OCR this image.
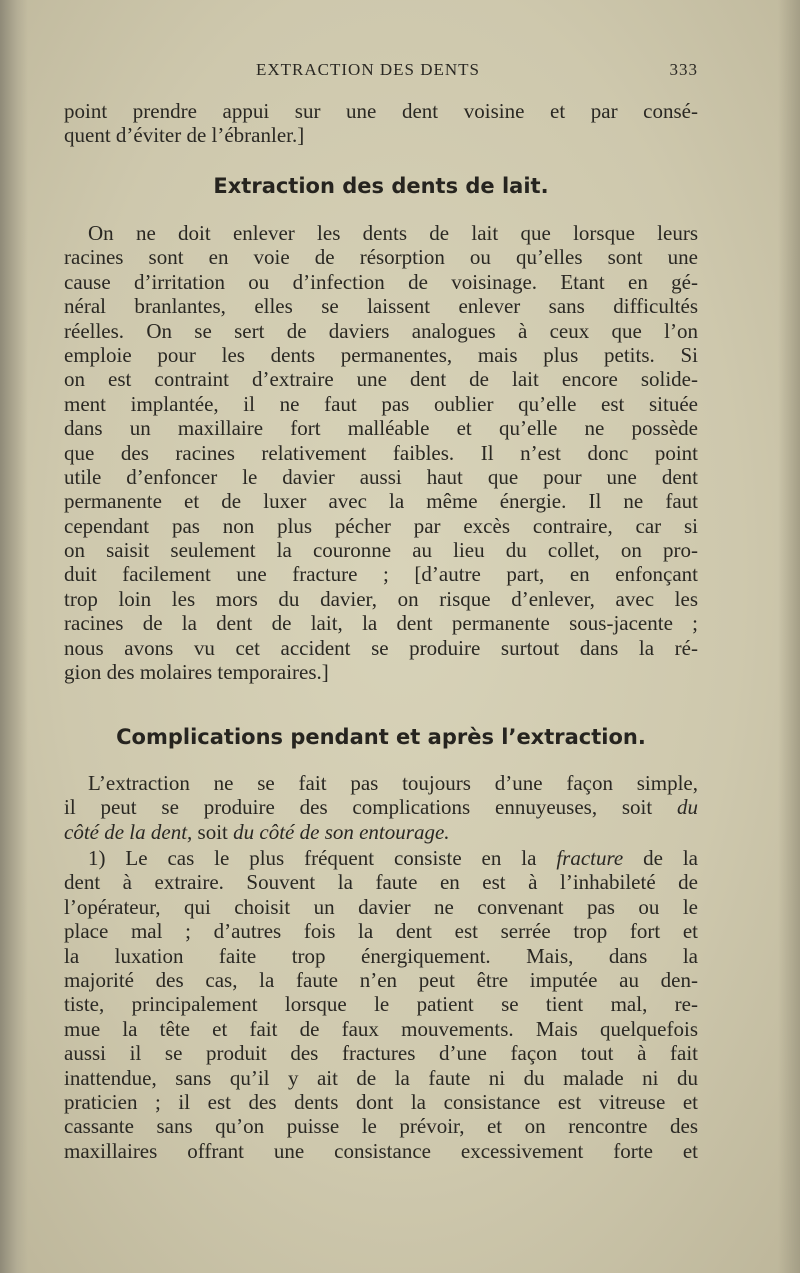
EXTRACTION DES DENTS	333
point prendre appui sur une dent voisine et par consé-
quent d’éviter de l’ébranler.]
Extraction des dents de lait.
On ne doit enlever les dents de lait que lorsque leurs
racines sont en voie de résorption ou qu’elles sont une
cause d’irritation ou d’infection de voisinage. Etant en gé-
néral branlantes, elles se laissent enlever sans difficultés
réelles. On se sert de daviers analogues à ceux que l’on
emploie pour les dents permanentes, mais plus petits. Si
on est contraint d’extraire une dent de lait encore solide-
ment implantée, il ne faut pas oublier qu’elle est située
dans un maxillaire fort malléable et qu’elle ne possède
que des racines relativement faibles. Il n’est donc point
utile d’enfoncer le davier aussi haut que pour une dent
permanente et de luxer avec la même énergie. Il ne faut
cependant pas non plus pécher par excès contraire, car si
on saisit seulement la couronne au lieu du collet, on pro-
duit facilement une fracture ; [d’autre part, en enfonçant
trop loin les mors du davier, on risque d’enlever, avec les
racines de la dent de lait, la dent permanente sous-jacente ;
nous avons vu cet accident se produire surtout dans la ré-
gion des molaires temporaires.]
Complications pendant et après l’extraction.
L’extraction ne se fait pas toujours d’une façon simple,
il peut se produire des complications ennuyeuses, soit du
côté de la dent, soit du côté de son entourage.
1) Le cas le plus fréquent consiste en la fracture de la
dent à extraire. Souvent la faute en est à l’inhabileté de
l’opérateur, qui choisit un davier ne convenant pas ou le
place mal ; d’autres fois la dent est serrée trop fort et
la luxation faite trop énergiquement. Mais, dans la
majorité des cas, la faute n’en peut être imputée au den-
tiste, principalement lorsque le patient se tient mal, re-
mue la tête et fait de faux mouvements. Mais quelquefois
aussi il se produit des fractures d’une façon tout à fait
inattendue, sans qu’il y ait de la faute ni du malade ni du
praticien ; il est des dents dont la consistance est vitreuse et
cassante sans qu’on puisse le prévoir, et on rencontre des
maxillaires offrant une consistance excessivement forte et
